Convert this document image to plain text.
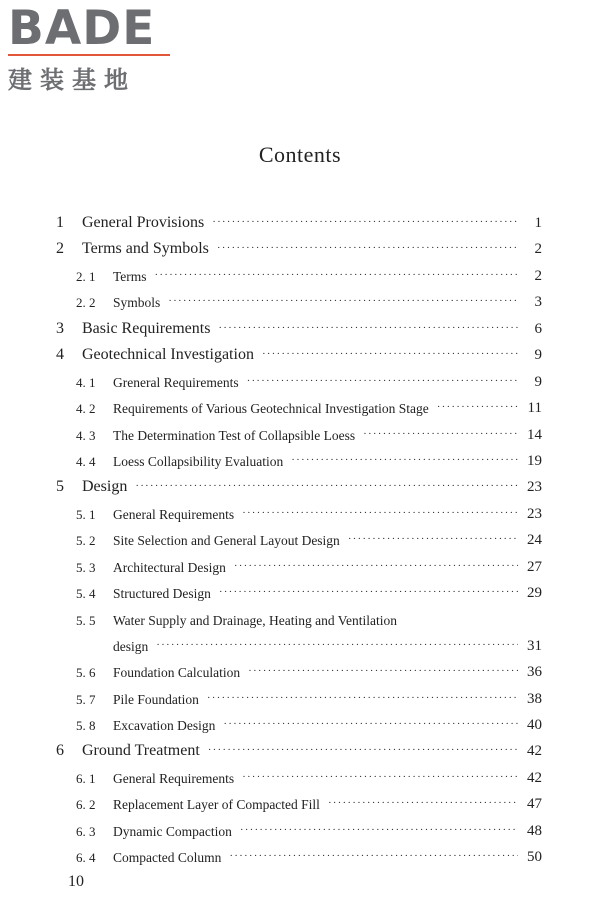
BADE
建装基地
Contents
1	General Provisions ·····	1
2	Terms and Symbols ·····	2
2. 1	Terms ·····	2
2. 2	Symbols ·····	3
3	Basic Requirements ·····	6
4	Geotechnical Investigation ·····	9
4. 1	Greneral Requirements ·····	9
4. 2	Requirements of Various Geotechnical Investigation Stage ·····	11
4. 3	The Determination Test of Collapsible Loess ·····	14
4. 4	Loess Collapsibility Evaluation ·····	19
5	Design ·····	23
5. 1	General Requirements ·····	23
5. 2	Site Selection and General Layout Design ·····	24
5. 3	Architectural Design ·····	27
5. 4	Structured Design ·····	29
5. 5	Water Supply and Drainage, Heating and Ventilation
design ·····	31
5. 6	Foundation Calculation ·····	36
5. 7	Pile Foundation ·····	38
5. 8	Excavation Design ·····	40
6	Ground Treatment ·····	42
6. 1	General Requirements ·····	42
6. 2	Replacement Layer of Compacted Fill ·····	47
6. 3	Dynamic Compaction ·····	48
6. 4	Compacted Column ·····	50
10
